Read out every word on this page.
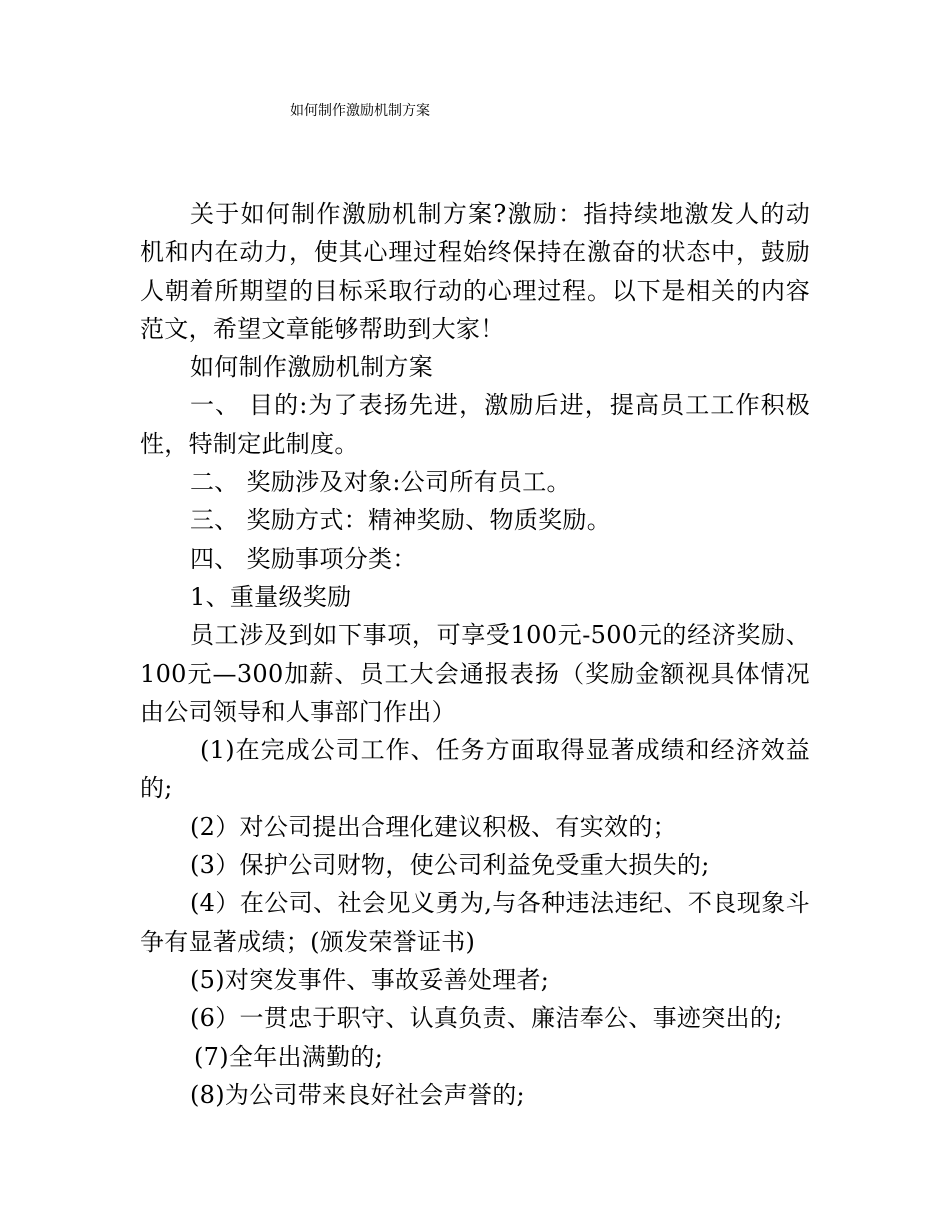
如何制作激励机制方案

关于如何制作激励机制方案?激励：指持续地激发人的动机和内在动力，使其心理过程始终保持在激奋的状态中，鼓励人朝着所期望的目标采取行动的心理过程。以下是相关的内容范文，希望文章能够帮助到大家！

如何制作激励机制方案

一、 目的:为了表扬先进，激励后进，提高员工工作积极性，特制定此制度。

二、 奖励涉及对象:公司所有员工。

三、 奖励方式：精神奖励、物质奖励。

四、 奖励事项分类：

1、重量级奖励

员工涉及到如下事项，可享受100元-500元的经济奖励、100元—300加薪、员工大会通报表扬（奖励金额视具体情况由公司领导和人事部门作出）

(1)在完成公司工作、任务方面取得显著成绩和经济效益的;

(2）对公司提出合理化建议积极、有实效的；

(3）保护公司财物，使公司利益免受重大损失的;

(4）在公司、社会见义勇为,与各种违法违纪、不良现象斗争有显著成绩；(颁发荣誉证书)

(5)对突发事件、事故妥善处理者;

(6）一贯忠于职守、认真负责、廉洁奉公、事迹突出的;

(7)全年出满勤的;

(8)为公司带来良好社会声誉的;
